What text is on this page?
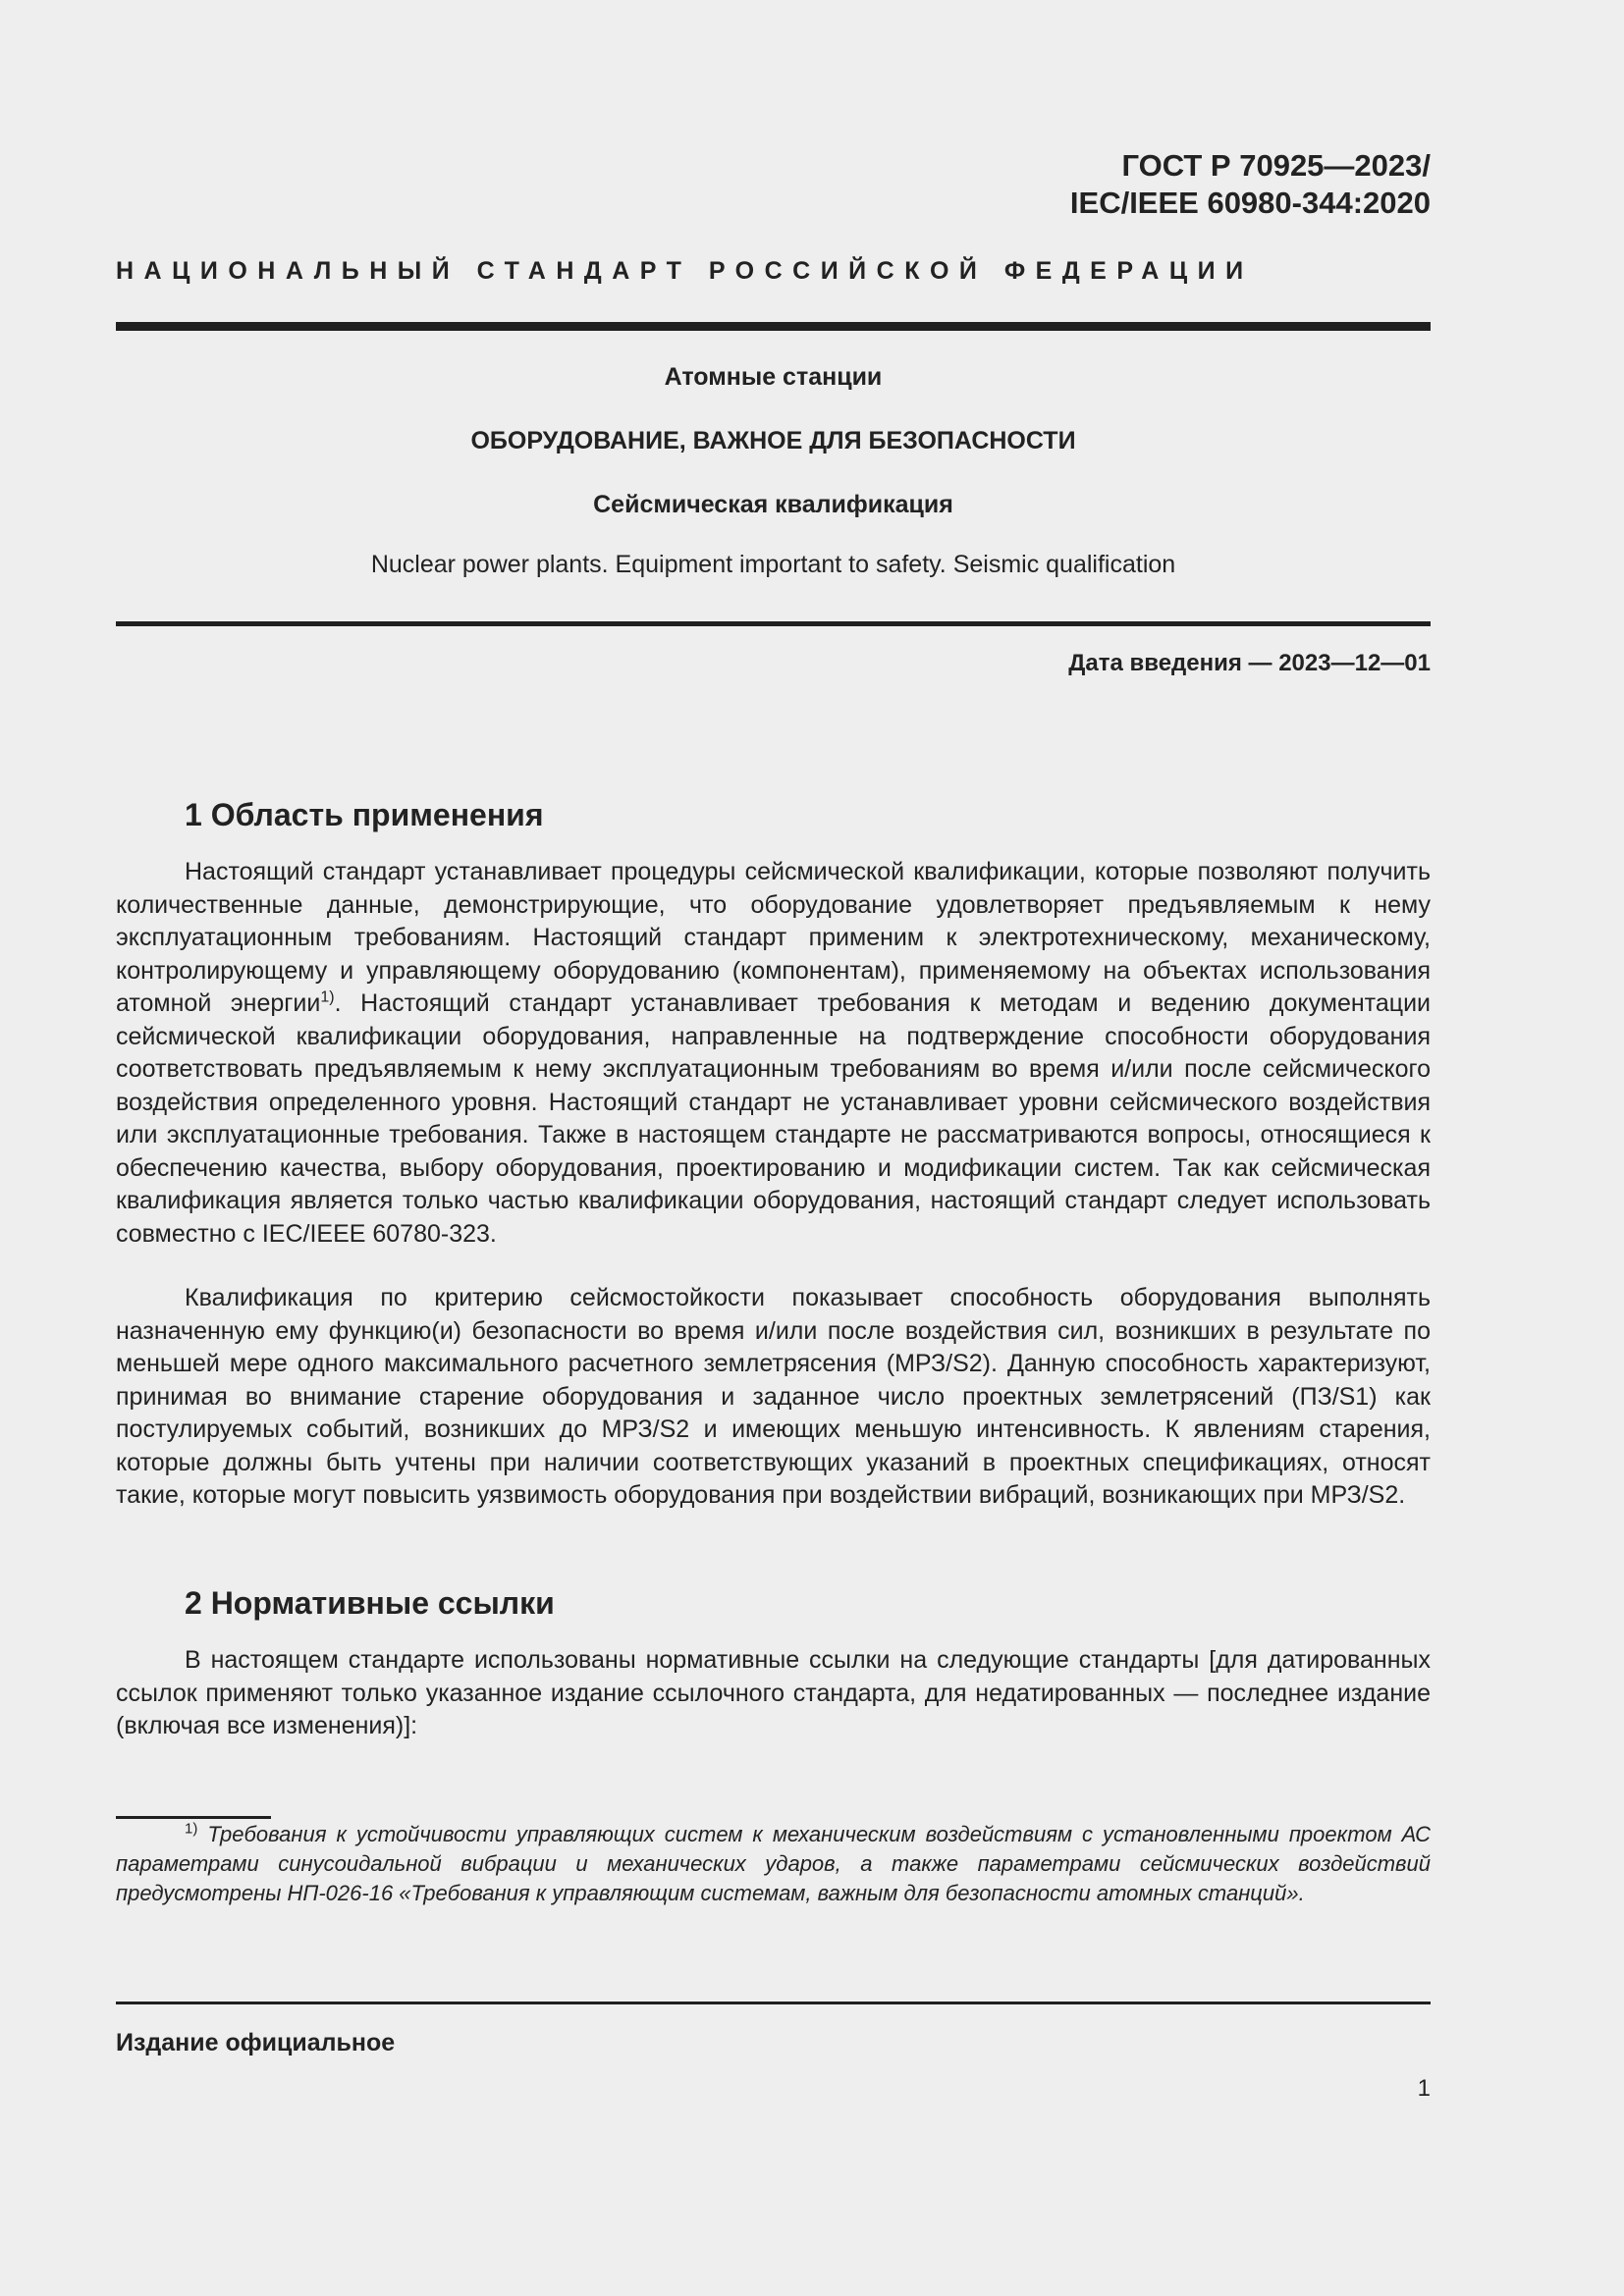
ГОСТ Р 70925—2023/
IEC/IEEE 60980-344:2020
НАЦИОНАЛЬНЫЙ СТАНДАРТ РОССИЙСКОЙ ФЕДЕРАЦИИ
Атомные станции
ОБОРУДОВАНИЕ, ВАЖНОЕ ДЛЯ БЕЗОПАСНОСТИ
Сейсмическая квалификация
Nuclear power plants. Equipment important to safety. Seismic qualification
Дата введения — 2023—12—01
1 Область применения
Настоящий стандарт устанавливает процедуры сейсмической квалификации, которые позволяют получить количественные данные, демонстрирующие, что оборудование удовлетворяет предъявляемым к нему эксплуатационным требованиям. Настоящий стандарт применим к электротехническому, механическому, контролирующему и управляющему оборудованию (компонентам), применяемому на объектах использования атомной энергии$^{1)}$. Настоящий стандарт устанавливает требования к методам и ведению документации сейсмической квалификации оборудования, направленные на подтверждение способности оборудования соответствовать предъявляемым к нему эксплуатационным требованиям во время и/или после сейсмического воздействия определенного уровня. Настоящий стандарт не устанавливает уровни сейсмического воздействия или эксплуатационные требования. Также в настоящем стандарте не рассматриваются вопросы, относящиеся к обеспечению качества, выбору оборудования, проектированию и модификации систем. Так как сейсмическая квалификация является только частью квалификации оборудования, настоящий стандарт следует использовать совместно с IEC/IEEE 60780-323.
Квалификация по критерию сейсмостойкости показывает способность оборудования выполнять назначенную ему функцию(и) безопасности во время и/или после воздействия сил, возникших в результате по меньшей мере одного максимального расчетного землетрясения (МРЗ/S2). Данную способность характеризуют, принимая во внимание старение оборудования и заданное число проектных землетрясений (ПЗ/S1) как постулируемых событий, возникших до МРЗ/S2 и имеющих меньшую интенсивность. К явлениям старения, которые должны быть учтены при наличии соответствующих указаний в проектных спецификациях, относят такие, которые могут повысить уязвимость оборудования при воздействии вибраций, возникающих при МРЗ/S2.
2 Нормативные ссылки
В настоящем стандарте использованы нормативные ссылки на следующие стандарты [для датированных ссылок применяют только указанное издание ссылочного стандарта, для недатированных — последнее издание (включая все изменения)]:
$^{1)}$ Требования к устойчивости управляющих систем к механическим воздействиям с установленными проектом АС параметрами синусоидальной вибрации и механических ударов, а также параметрами сейсмических воздействий предусмотрены НП-026-16 «Требования к управляющим системам, важным для безопасности атомных станций».
Издание официальное
1
